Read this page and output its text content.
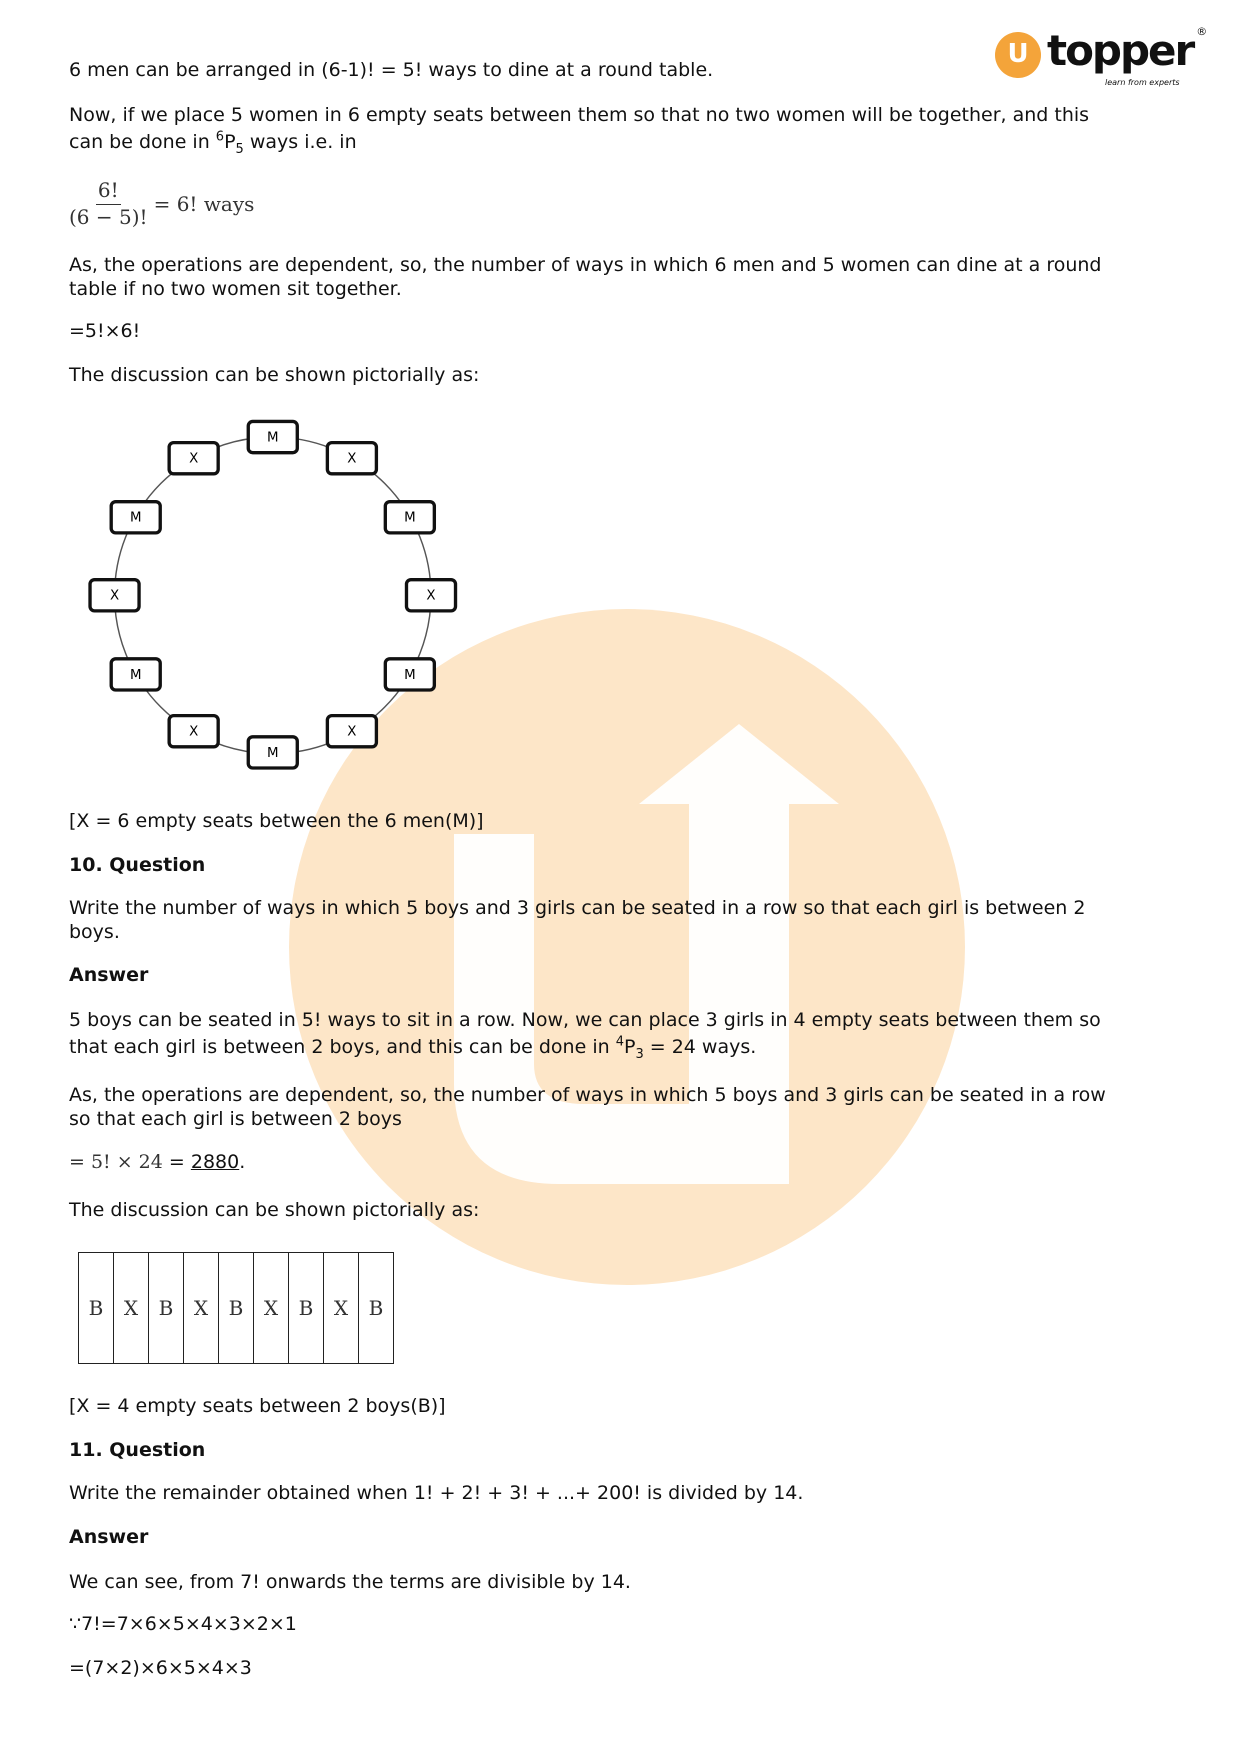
U topper ®
learn from experts
6 men can be arranged in (6-1)! = 5! ways to dine at a round table.
Now, if we place 5 women in 6 empty seats between them so that no two women will be together, and this
can be done in $^6P_5$ ways i.e. in
$\frac{6!}{(6 - 5)!} = 6$! ways
As, the operations are dependent, so, the number of ways in which 6 men and 5 women can dine at a round
table if no two women sit together.
=5!×6!
The discussion can be shown pictorially as:
M
X
M
X
M
X
M
X
M
X
M
X
[X = 6 empty seats between the 6 men(M)]
10. Question
Write the number of ways in which 5 boys and 3 girls can be seated in a row so that each girl is between 2
boys.
Answer
5 boys can be seated in 5! ways to sit in a row. Now, we can place 3 girls in 4 empty seats between them so
that each girl is between 2 boys, and this can be done in $^4P_3 = 24$ ways.
As, the operations are dependent, so, the number of ways in which 5 boys and 3 girls can be seated in a row
so that each girl is between 2 boys
= 5! × 24 = 2880.
The discussion can be shown pictorially as:
B	X	B	X	B	X	B	X	B
[X = 4 empty seats between 2 boys(B)]
11. Question
Write the remainder obtained when 1! + 2! + 3! + ...+ 200! is divided by 14.
Answer
We can see, from 7! onwards the terms are divisible by 14.
∵7!=7×6×5×4×3×2×1
=(7×2)×6×5×4×3
